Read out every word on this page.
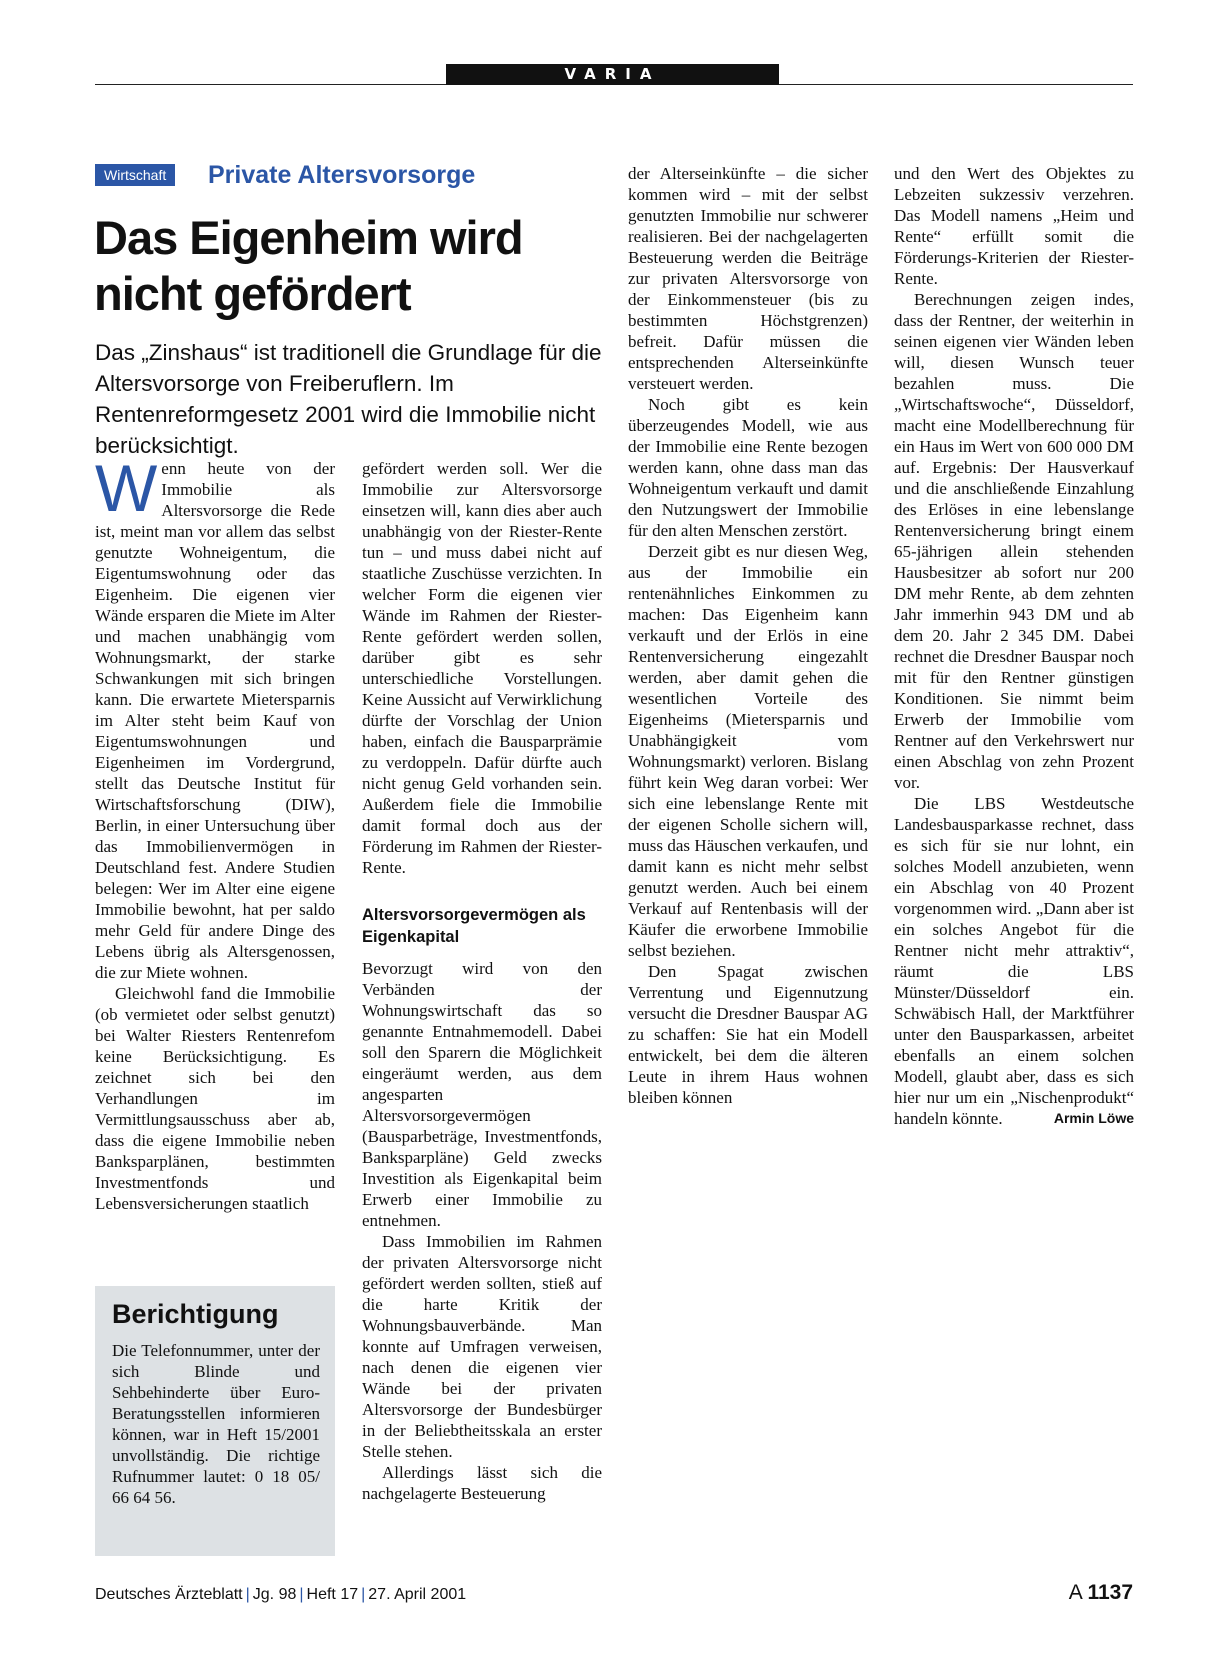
VARIA
Wirtschaft	Private Altersvorsorge
Das Eigenheim wird nicht gefördert
Das „Zinshaus“ ist traditionell die Grundlage für die Altersvorsorge von Freiberuflern. Im Rentenreformgesetz 2001 wird die Immobilie nicht berücksichtigt.

Wenn heute von der Immobilie als Altersvorsorge die Rede ist, meint man vor allem das selbst genutzte Wohneigentum, die Eigentumswohnung oder das Eigenheim. Die eigenen vier Wände ersparen die Miete im Alter und machen unabhängig vom Wohnungsmarkt, der starke Schwankungen mit sich bringen kann. Die erwartete Mietersparnis im Alter steht beim Kauf von Eigentumswohnungen und Eigenheimen im Vordergrund, stellt das Deutsche Institut für Wirtschaftsforschung (DIW), Berlin, in einer Untersuchung über das Immobilienvermögen in Deutschland fest. Andere Studien belegen: Wer im Alter eine eigene Immobilie bewohnt, hat per saldo mehr Geld für andere Dinge des Lebens übrig als Altersgenossen, die zur Miete wohnen.

Gleichwohl fand die Immobilie (ob vermietet oder selbst genutzt) bei Walter Riesters Rentenrefom keine Berücksichtigung. Es zeichnet sich bei den Verhandlungen im Vermittlungsausschuss aber ab, dass die eigene Immobilie neben Banksparplänen, bestimmten Investmentfonds und Lebensversicherungen staatlich

gefördert werden soll. Wer die Immobilie zur Altersvorsorge einsetzen will, kann dies aber auch unabhängig von der Riester-Rente tun – und muss dabei nicht auf staatliche Zuschüsse verzichten. In welcher Form die eigenen vier Wände im Rahmen der Riester-Rente gefördert werden sollen, darüber gibt es sehr unterschiedliche Vorstellungen. Keine Aussicht auf Verwirklichung dürfte der Vorschlag der Union haben, einfach die Bausparprämie zu verdoppeln. Dafür dürfte auch nicht genug Geld vorhanden sein. Außerdem fiele die Immobilie damit formal doch aus der Förderung im Rahmen der Riester-Rente.

Altersvorsorgevermögen als Eigenkapital

Bevorzugt wird von den Verbänden der Wohnungswirtschaft das so genannte Entnahmemodell. Dabei soll den Sparern die Möglichkeit eingeräumt werden, aus dem angesparten Altersvorsorgevermögen (Bausparbeträge, Investmentfonds, Banksparpläne) Geld zwecks Investition als Eigenkapital beim Erwerb einer Immobilie zu entnehmen.

Dass Immobilien im Rahmen der privaten Altersvorsorge nicht gefördert werden sollten, stieß auf die harte Kritik der Wohnungsbauverbände. Man konnte auf Umfragen verweisen, nach denen die eigenen vier Wände bei der privaten Altersvorsorge der Bundesbürger in der Beliebtheitsskala an erster Stelle stehen.

Allerdings lässt sich die nachgelagerte Besteuerung

der Alterseinkünfte – die sicher kommen wird – mit der selbst genutzten Immobilie nur schwerer realisieren. Bei der nachgelagerten Besteuerung werden die Beiträge zur privaten Altersvorsorge von der Einkommensteuer (bis zu bestimmten Höchstgrenzen) befreit. Dafür müssen die entsprechenden Alterseinkünfte versteuert werden.

Noch gibt es kein überzeugendes Modell, wie aus der Immobilie eine Rente bezogen werden kann, ohne dass man das Wohneigentum verkauft und damit den Nutzungswert der Immobilie für den alten Menschen zerstört.

Derzeit gibt es nur diesen Weg, aus der Immobilie ein rentenähnliches Einkommen zu machen: Das Eigenheim kann verkauft und der Erlös in eine Rentenversicherung eingezahlt werden, aber damit gehen die wesentlichen Vorteile des Eigenheims (Mietersparnis und Unabhängigkeit vom Wohnungsmarkt) verloren. Bislang führt kein Weg daran vorbei: Wer sich eine lebenslange Rente mit der eigenen Scholle sichern will, muss das Häuschen verkaufen, und damit kann es nicht mehr selbst genutzt werden. Auch bei einem Verkauf auf Rentenbasis will der Käufer die erworbene Immobilie selbst beziehen.

Den Spagat zwischen Verrentung und Eigennutzung versucht die Dresdner Bauspar AG zu schaffen: Sie hat ein Modell entwickelt, bei dem die älteren Leute in ihrem Haus wohnen bleiben können

und den Wert des Objektes zu Lebzeiten sukzessiv verzehren. Das Modell namens „Heim und Rente“ erfüllt somit die Förderungs-Kriterien der Riester-Rente.

Berechnungen zeigen indes, dass der Rentner, der weiterhin in seinen eigenen vier Wänden leben will, diesen Wunsch teuer bezahlen muss. Die „Wirtschaftswoche“, Düsseldorf, macht eine Modellberechnung für ein Haus im Wert von 600 000 DM auf. Ergebnis: Der Hausverkauf und die anschließende Einzahlung des Erlöses in eine lebenslange Rentenversicherung bringt einem 65-jährigen allein stehenden Hausbesitzer ab sofort nur 200 DM mehr Rente, ab dem zehnten Jahr immerhin 943 DM und ab dem 20. Jahr 2 345 DM. Dabei rechnet die Dresdner Bauspar noch mit für den Rentner günstigen Konditionen. Sie nimmt beim Erwerb der Immobilie vom Rentner auf den Verkehrswert nur einen Abschlag von zehn Prozent vor.

Die LBS Westdeutsche Landesbausparkasse rechnet, dass es sich für sie nur lohnt, ein solches Modell anzubieten, wenn ein Abschlag von 40 Prozent vorgenommen wird. „Dann aber ist ein solches Angebot für die Rentner nicht mehr attraktiv“, räumt die LBS Münster/Düsseldorf ein. Schwäbisch Hall, der Marktführer unter den Bausparkassen, arbeitet ebenfalls an einem solchen Modell, glaubt aber, dass es sich hier nur um ein „Nischenprodukt“ handeln könnte.	Armin Löwe

Berichtigung
Die Telefonnummer, unter der sich Blinde und Sehbehinderte über Euro-Beratungsstellen informieren können, war in Heft 15/2001 unvollständig. Die richtige Rufnummer lautet: 0 18 05/ 66 64 56.
Deutsches Ärzteblatt | Jg. 98 | Heft 17 | 27. April 2001	A 1137
